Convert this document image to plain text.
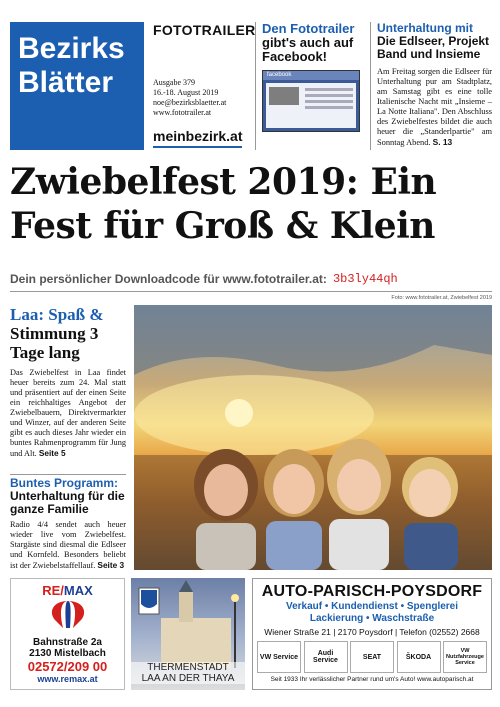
Bezirks
Blätter
FOTOTRAILER
Ausgabe 379
16.-18. August 2019
noe@bezirksblaetter.at
www.fototrailer.at
meinbezirk.at
Den Fototrailer
gibt's auch auf Facebook!
facebook
Unterhaltung mit
Die Edlseer, Projekt Band und Insieme
Am Freitag sorgen die Edlseer für Unterhaltung pur am Stadtplatz, am Samstag gibt es eine tolle Italienische Nacht mit „Insieme – La Notte Italiana". Den Abschluss des Zwiebelfestes bildet die auch heuer die „Standerlpartie" am Sonntag Abend. S. 13
Zwiebelfest 2019: Ein Fest für Groß & Klein
Dein persönlicher Downloadcode für www.fototrailer.at: 3b3ly44qh
Foto: www.fototrailer.at, Zwiebelfest 2019
Laa: Spaß &
Stimmung 3 Tage lang

Das Zwiebelfest in Laa findet heuer bereits zum 24. Mal statt und präsentiert auf der einen Seite ein reichhaltiges Angebot der Zwiebelbauern, Direktvermarkter und Winzer, auf der anderen Seite gibt es auch dieses Jahr wieder ein buntes Rahmenprogramm für Jung und Alt. Seite 5

Buntes Programm:
Unterhaltung für die ganze Familie

Radio 4/4 sendet auch heuer wieder live vom Zwiebelfest. Stargäste sind diesmal die Edlseer und Kornfeld. Besonders beliebt ist der Zwiebelstaffellauf. Seite 3

RE/MAX
Bahnstraße 2a
2130 Mistelbach
02572/209 00
www.remax.at
THERMENSTADT
LAA AN DER THAYA
AUTO-PARISCH-POYSDORF
Verkauf • Kundendienst • Spenglerei
Lackierung • Waschstraße
Wiener Straße 21 | 2170 Poysdorf | Telefon (02552) 2668
VW Service	Audi Service	SEAT	ŠKODA
VW Nutzfahrzeuge Service
Seit 1933 Ihr verlässlicher Partner rund um's Auto! www.autoparisch.at
